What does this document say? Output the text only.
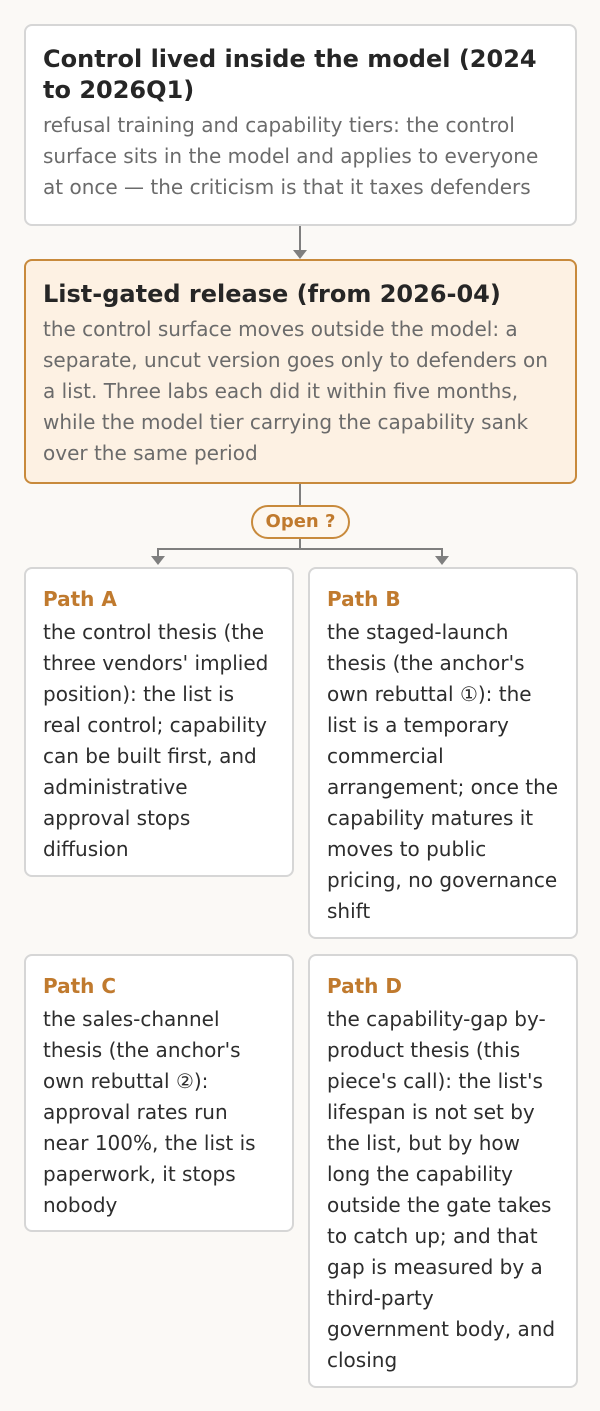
Control lived inside the model (2024 to 2026Q1)
refusal training and capability tiers: the control surface sits in the model and applies to everyone at once — the criticism is that it taxes defenders
List-gated release (from 2026-04)
the control surface moves outside the model: a separate, uncut version goes only to defenders on a list. Three labs each did it within five months, while the model tier carrying the capability sank over the same period
Open ?
Path A
the control thesis (the three vendors' implied position): the list is real control; capability can be built first, and administrative approval stops diffusion
Path B
the staged-launch thesis (the anchor's own rebuttal ①): the list is a temporary commercial arrangement; once the capability matures it moves to public pricing, no governance shift
Path C
the sales-channel thesis (the anchor's own rebuttal ②): approval rates run near 100%, the list is paperwork, it stops nobody
Path D
the capability-gap by-product thesis (this piece's call): the list's lifespan is not set by the list, but by how long the capability outside the gate takes to catch up; and that gap is measured by a third-party government body, and closing
